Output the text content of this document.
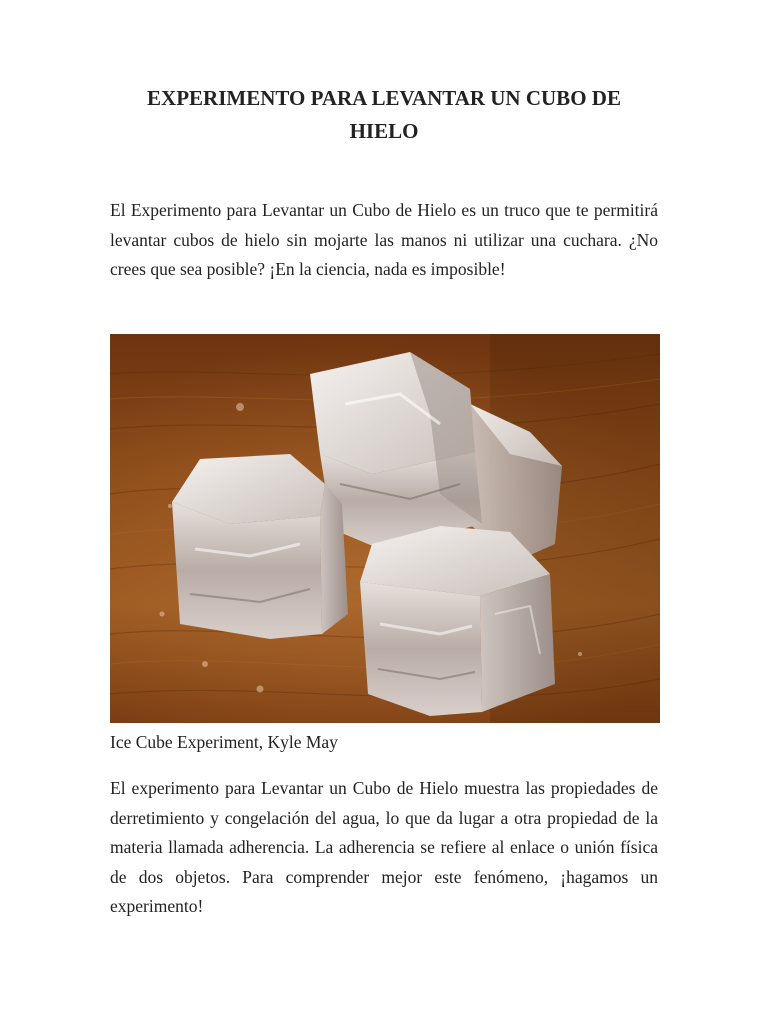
EXPERIMENTO PARA LEVANTAR UN CUBO DE
HIELO

El Experimento para Levantar un Cubo de Hielo es un truco que te permitirá
levantar cubos de hielo sin mojarte las manos ni utilizar una cuchara. ¿No
crees que sea posible? ¡En la ciencia, nada es imposible!

Ice Cube Experiment, Kyle May

El experimento para Levantar un Cubo de Hielo muestra las propiedades de
derretimiento y congelación del agua, lo que da lugar a otra propiedad de la
materia llamada adherencia. La adherencia se refiere al enlace o unión física
de dos objetos. Para comprender mejor este fenómeno, ¡hagamos un
experimento!
